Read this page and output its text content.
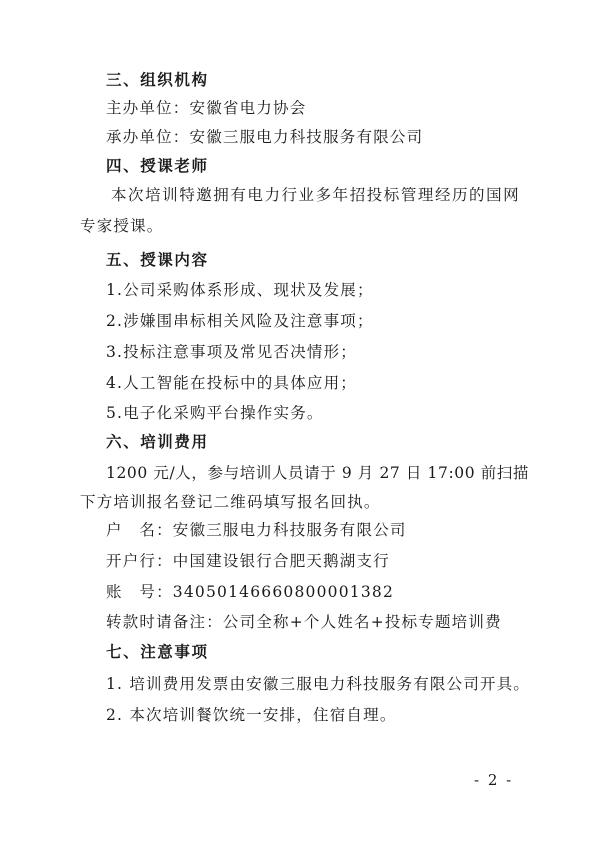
三、组织机构
主办单位：安徽省电力协会
承办单位：安徽三服电力科技服务有限公司
四、授课老师
本次培训特邀拥有电力行业多年招投标管理经历的国网
专家授课。
五、授课内容
1.公司采购体系形成、现状及发展；
2.涉嫌围串标相关风险及注意事项；
3.投标注意事项及常见否决情形；
4.人工智能在投标中的具体应用；
5.电子化采购平台操作实务。
六、培训费用
1200 元/人，参与培训人员请于 9 月 27 日 17:00 前扫描
下方培训报名登记二维码填写报名回执。
户　名：安徽三服电力科技服务有限公司
开户行：中国建设银行合肥天鹅湖支行
账　号：34050146660800001382
转款时请备注：公司全称+个人姓名+投标专题培训费
七、注意事项
1. 培训费用发票由安徽三服电力科技服务有限公司开具。
2. 本次培训餐饮统一安排，住宿自理。
- 2 -
